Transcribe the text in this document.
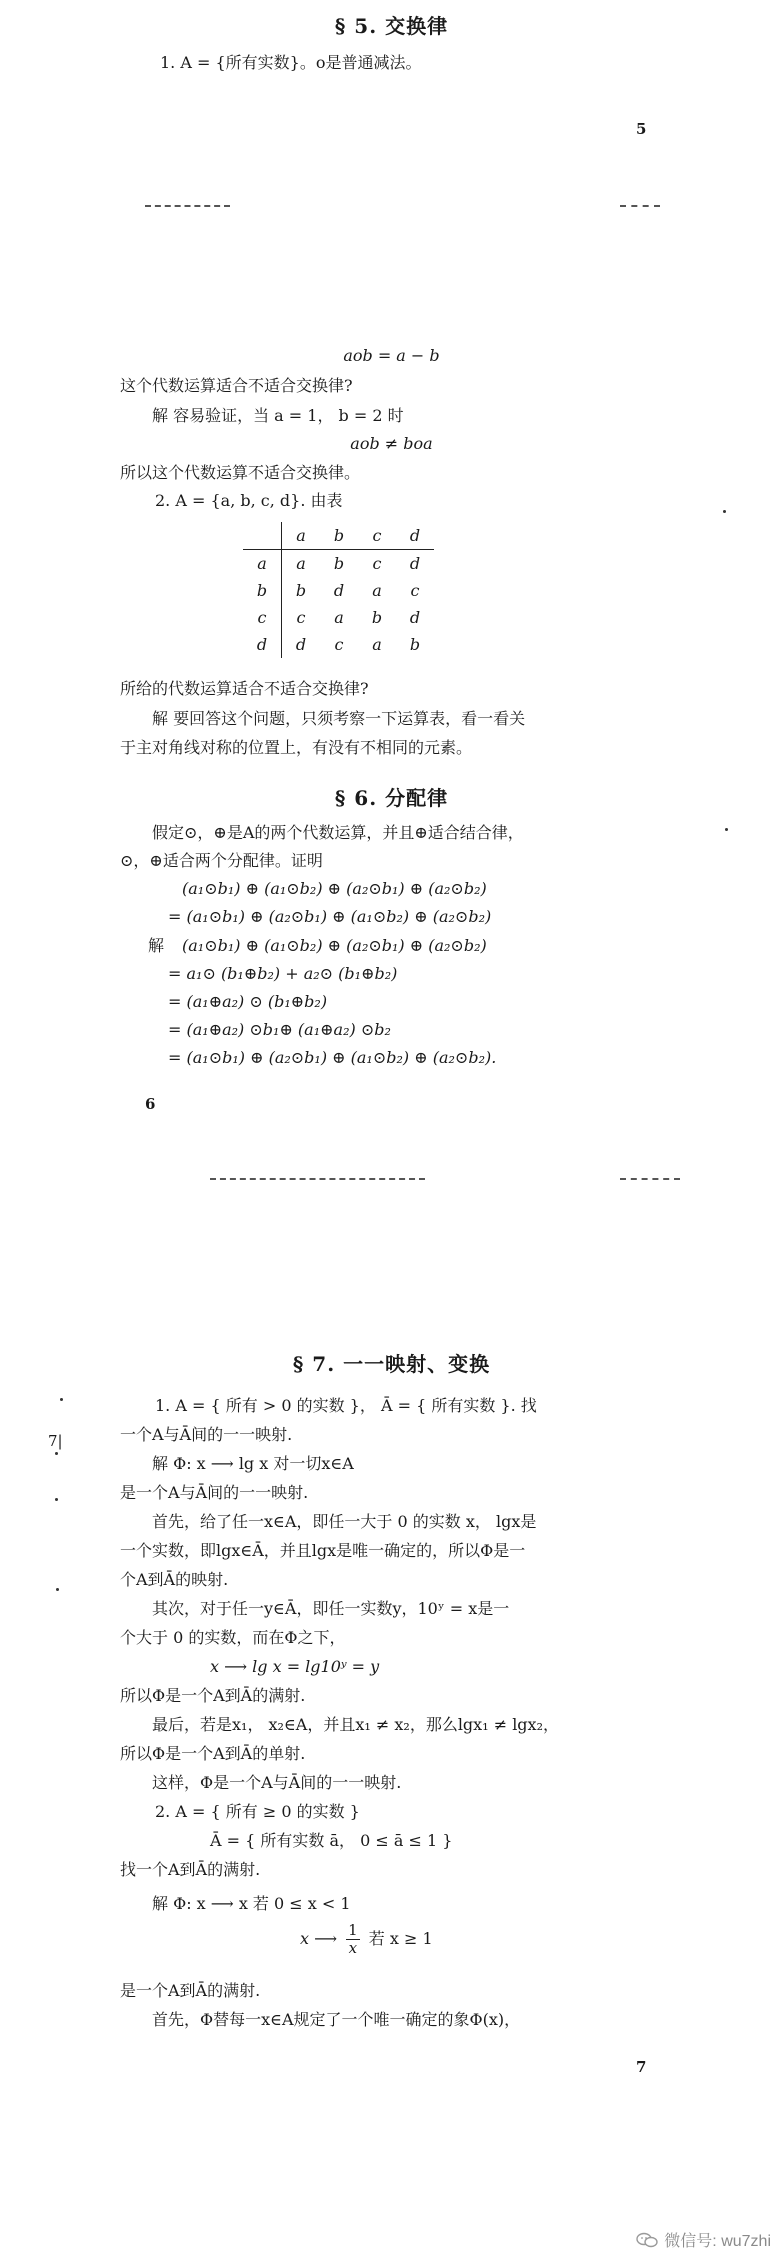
§ 5. 交换律
1. A = {所有实数}。ο是普通减法。
5
aob = a − b
这个代数运算适合不适合交换律?
解 容易验证，当 a = 1， b = 2 时
aob ≠ boa
所以这个代数运算不适合交换律。
2. A = {a, b, c, d}. 由表
	a	b	c	d
a	a	b	c	d
b	b	d	a	c
c	c	a	b	d
d	d	c	a	b
所给的代数运算适合不适合交换律?
解 要回答这个问题，只须考察一下运算表，看一看关
于主对角线对称的位置上，有没有不相同的元素。
§ 6. 分配律
假定⊙，⊕是A的两个代数运算，并且⊕适合结合律，
⊙，⊕适合两个分配律。证明
(a₁⊙b₁) ⊕ (a₁⊙b₂) ⊕ (a₂⊙b₁) ⊕ (a₂⊙b₂)
= (a₁⊙b₁) ⊕ (a₂⊙b₁) ⊕ (a₁⊙b₂) ⊕ (a₂⊙b₂)
解 (a₁⊙b₁) ⊕ (a₁⊙b₂) ⊕ (a₂⊙b₁) ⊕ (a₂⊙b₂)
= a₁⊙ (b₁⊕b₂) + a₂⊙ (b₁⊕b₂)
= (a₁⊕a₂) ⊙ (b₁⊕b₂)
= (a₁⊕a₂) ⊙b₁⊕ (a₁⊕a₂) ⊙b₂
= (a₁⊙b₁) ⊕ (a₂⊙b₁) ⊕ (a₁⊙b₂) ⊕ (a₂⊙b₂).
6
§ 7. 一一映射、变换
7|
1. A = { 所有 > 0 的实数 }， Ā = { 所有实数 }. 找
一个A与Ā间的一一映射.
解 Φ: x ⟶ lg x 对一切x∈A
是一个A与Ā间的一一映射.
首先，给了任一x∈A，即任一大于 0 的实数 x， lgx是
一个实数，即lgx∈Ā，并且lgx是唯一确定的，所以Φ是一
个A到Ā的映射.
其次，对于任一y∈Ā，即任一实数y，10ʸ = x是一
个大于 0 的实数，而在Φ之下，
x ⟶ lg x = lg10ʸ = y
所以Φ是一个A到Ā的满射.
最后，若是x₁， x₂∈A，并且x₁ ≠ x₂，那么lgx₁ ≠ lgx₂，
所以Φ是一个A到Ā的单射.
这样，Φ是一个A与Ā间的一一映射.
2. A = { 所有 ≥ 0 的实数 }
Ā = { 所有实数 ā， 0 ≤ ā ≤ 1 }
找一个A到Ā的满射.
解 Φ: x ⟶ x 若 0 ≤ x < 1
x ⟶ $\frac{1}{x}$ 若 x ≥ 1
是一个A到Ā的满射.
首先，Φ替每一x∈A规定了一个唯一确定的象Φ(x)，
7
微信号: wu7zhi
